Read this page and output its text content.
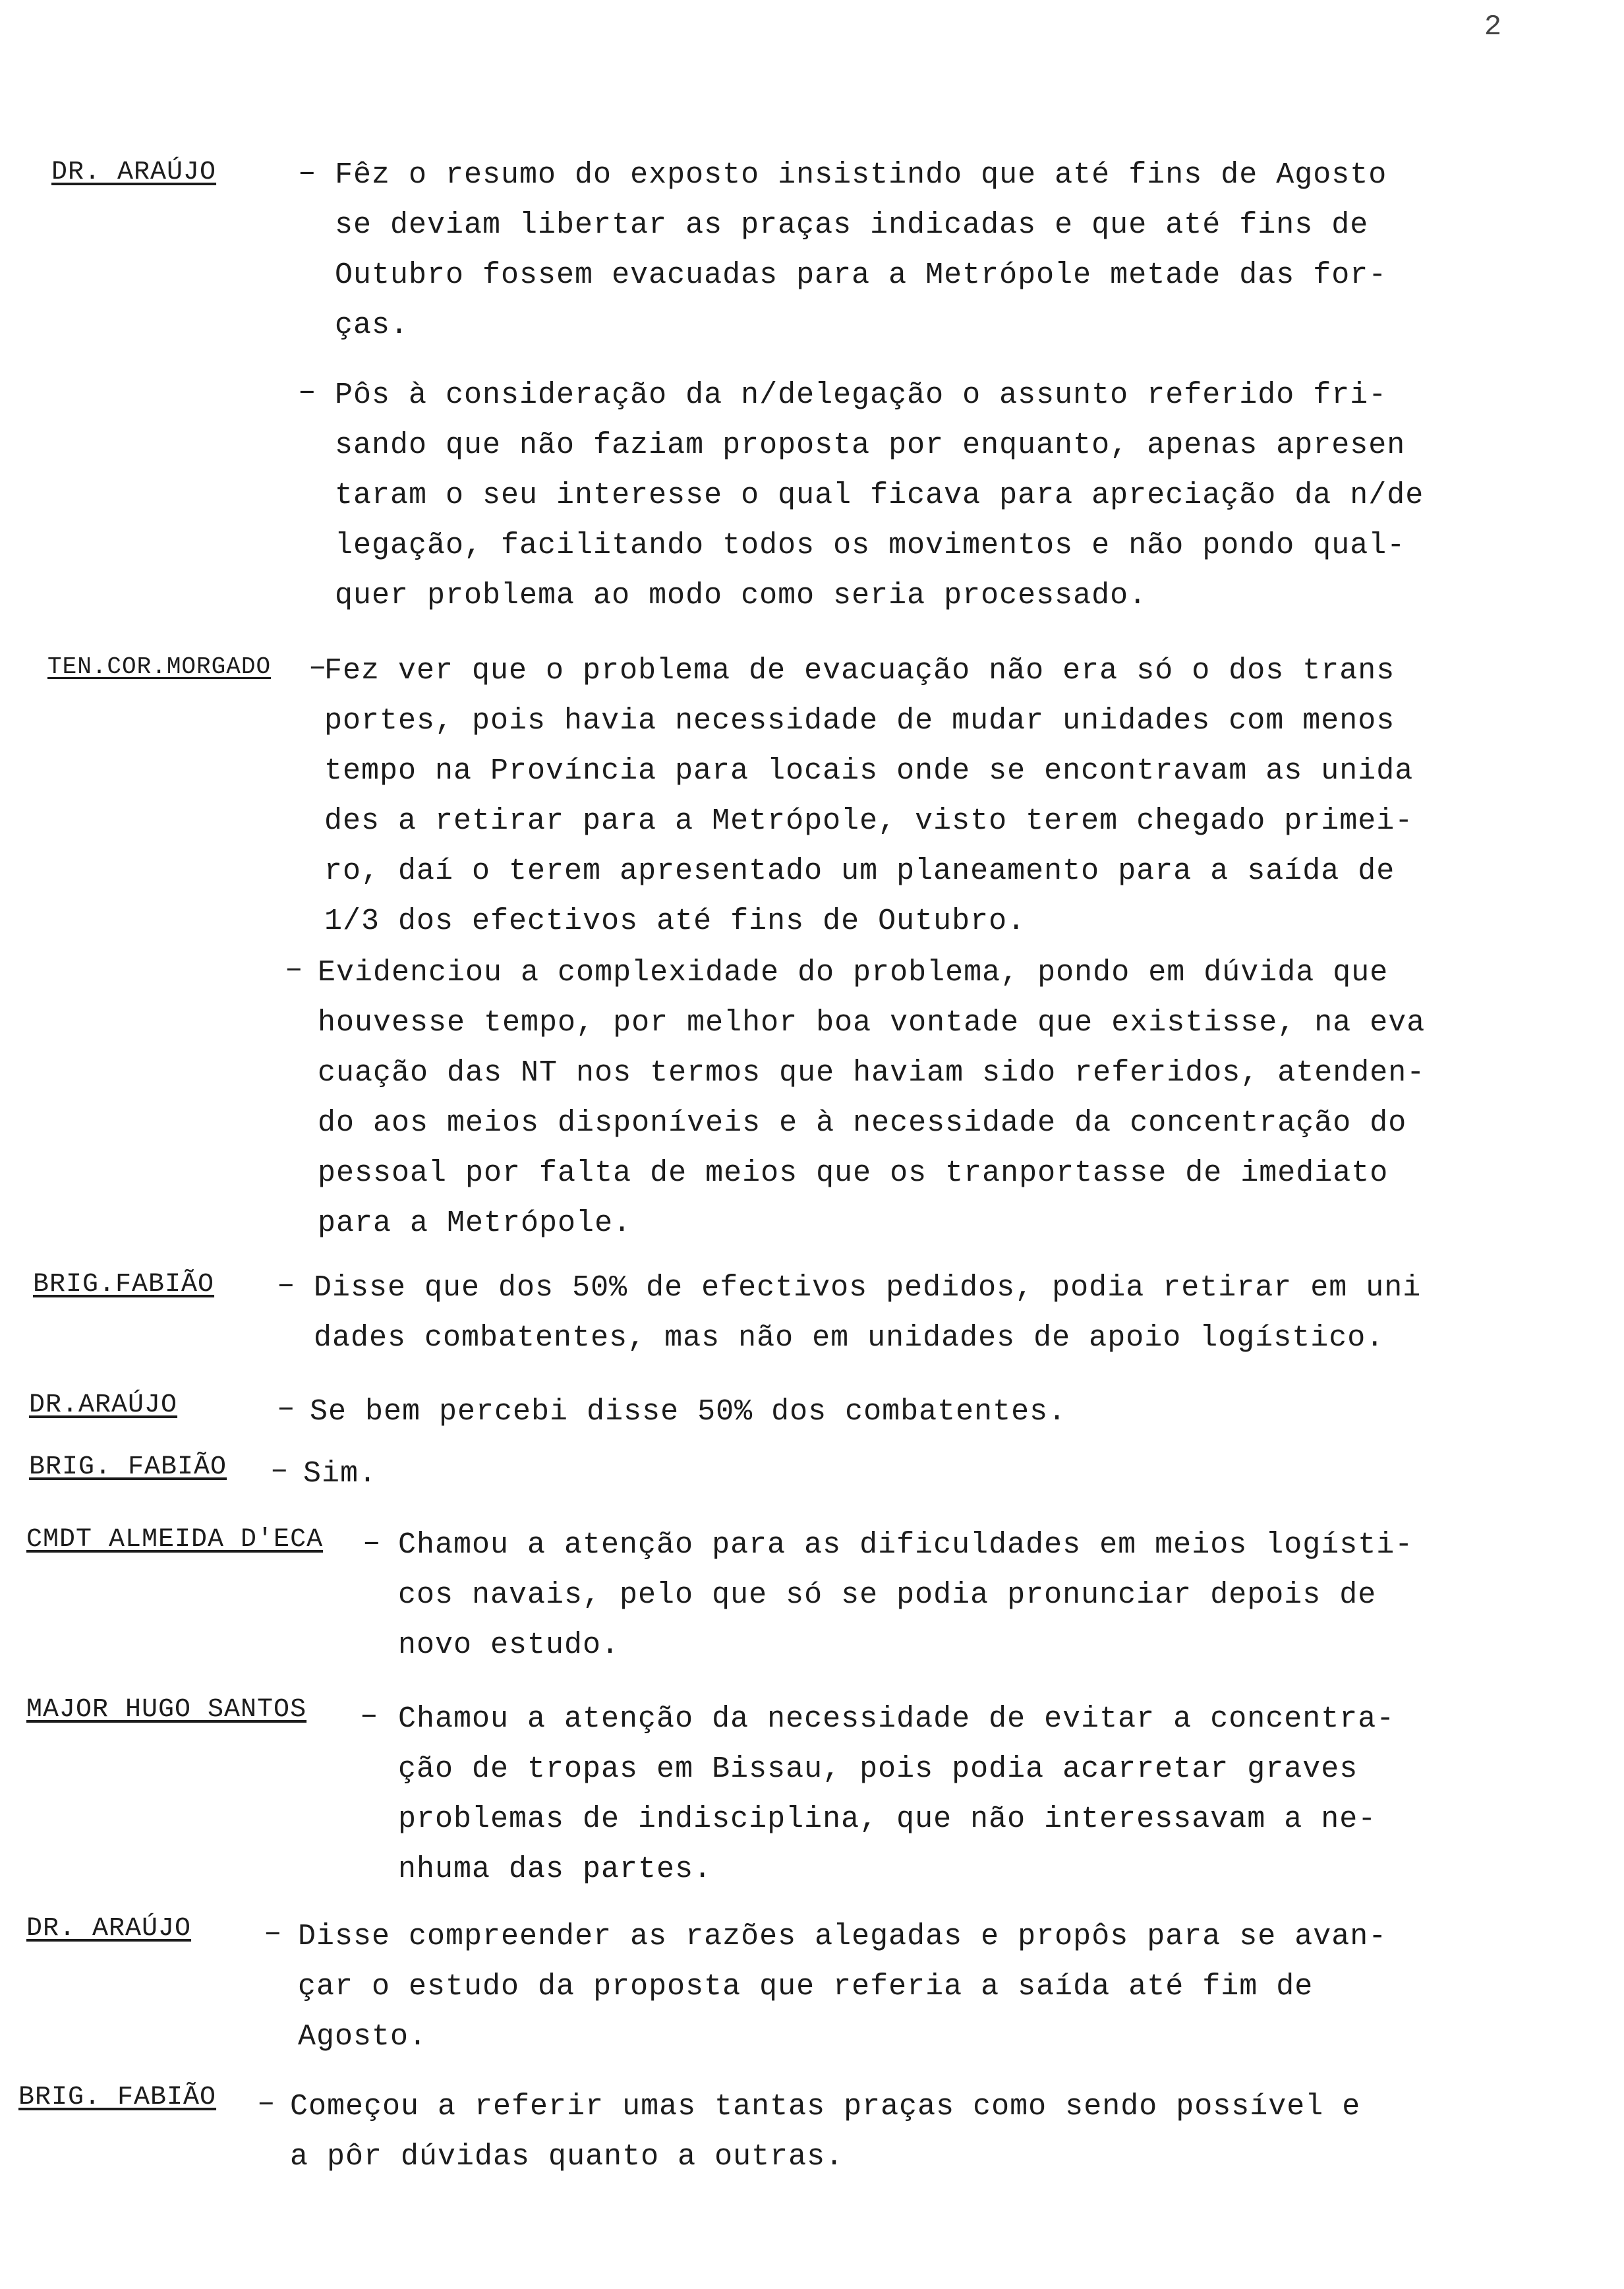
2
DR. ARAÚJO	– Fêz o resumo do exposto insistindo que até fins de Agosto
se deviam libertar as praças indicadas e que até fins de
Outubro fossem evacuadas para a Metrópole metade das for-
ças.

– Pôs à consideração da n/delegação o assunto referido fri-
sando que não faziam proposta por enquanto, apenas apresen
taram o seu interesse o qual ficava para apreciação da n/de
legação, facilitando todos os movimentos e não pondo qual-
quer problema ao modo como seria processado.

TEN.COR.MORGADO –

Fez ver que o problema de evacuação não era só o dos trans
portes, pois havia necessidade de mudar unidades com menos
tempo na Província para locais onde se encontravam as unida
des a retirar para a Metrópole, visto terem chegado primei-
ro, daí o terem apresentado um planeamento para a saída de
1/3 dos efectivos até fins de Outubro.

– Evidenciou a complexidade do problema, pondo em dúvida que
houvesse tempo, por melhor boa vontade que existisse, na eva
cuação das NT nos termos que haviam sido referidos, atenden-
do aos meios disponíveis e à necessidade da concentração do
pessoal por falta de meios que os tranportasse de imediato
para a Metrópole.

BRIG.FABIÃO – Disse que dos 50% de efectivos pedidos, podia retirar em uni
dades combatentes, mas não em unidades de apoio logístico.

DR.ARAÚJO	– Se bem percebi disse 50% dos combatentes.

BRIG. FABIÃO – Sim.

CMDT ALMEIDA D'ECA – Chamou a atenção para as dificuldades em meios logísti-
cos navais, pelo que só se podia pronunciar depois de
novo estudo.

MAJOR HUGO SANTOS – Chamou a atenção da necessidade de evitar a concentra-
ção de tropas em Bissau, pois podia acarretar graves
problemas de indisciplina, que não interessavam a ne-
nhuma das partes.

DR. ARAÚJO – Disse compreender as razões alegadas e propôs para se avan-
çar o estudo da proposta que referia a saída até fim de
Agosto.

BRIG. FABIÃO – Começou a referir umas tantas praças como sendo possível e
a pôr dúvidas quanto a outras.
